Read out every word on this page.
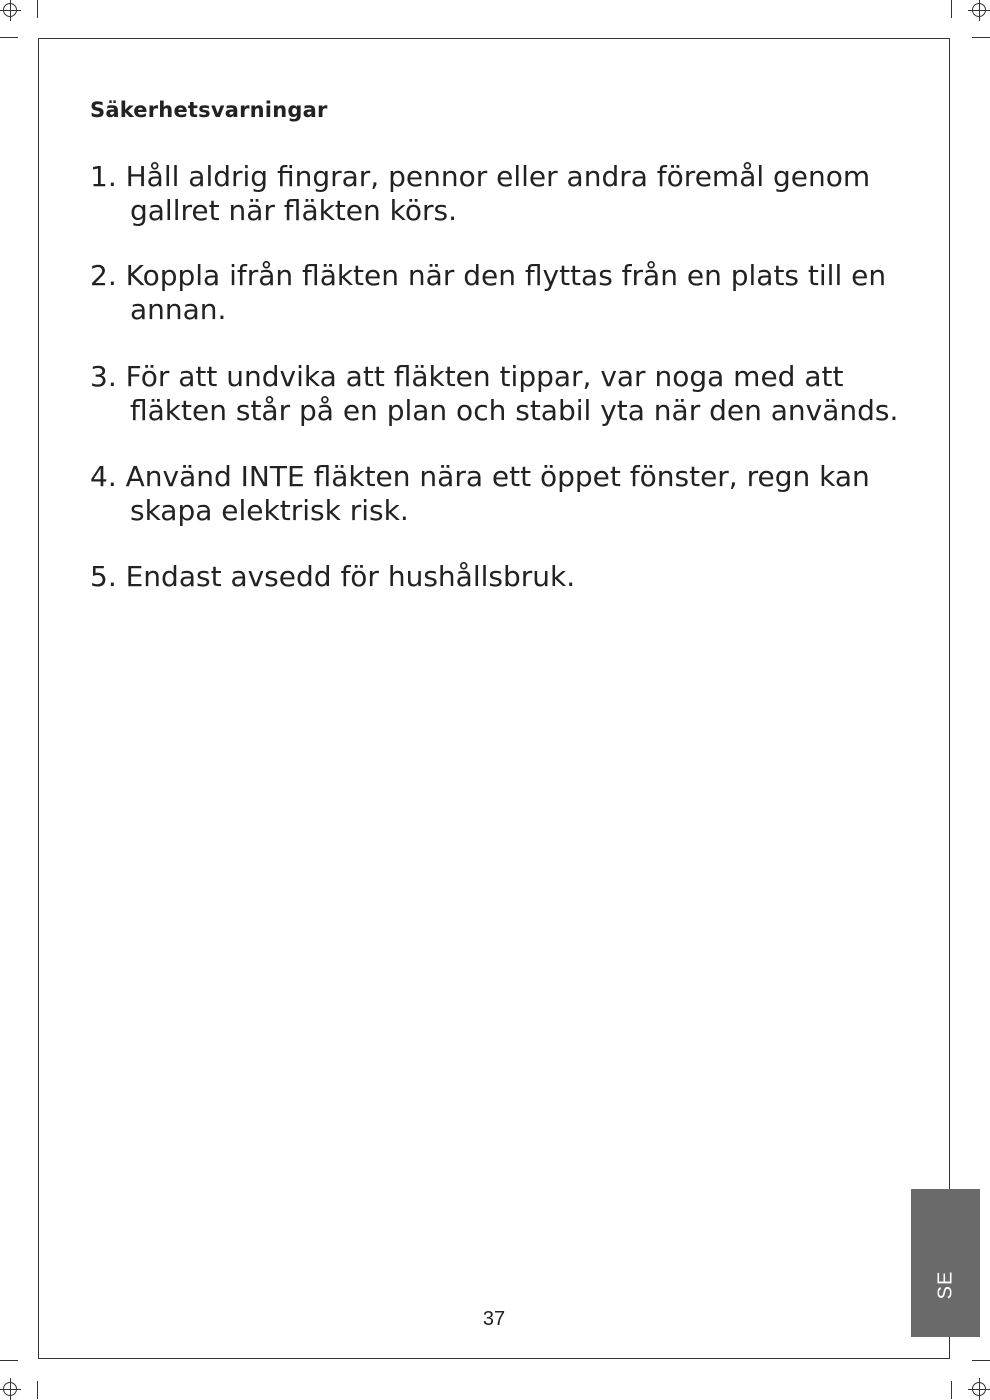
Säkerhetsvarningar
1. Håll aldrig fingrar, pennor eller andra föremål genom
gallret när fläkten körs.
2. Koppla ifrån fläkten när den flyttas från en plats till en
annan.
3. För att undvika att fläkten tippar, var noga med att
fläkten står på en plan och stabil yta när den används.
4. Använd INTE fläkten nära ett öppet fönster, regn kan
skapa elektrisk risk.
5. Endast avsedd för hushållsbruk.
SE
37
